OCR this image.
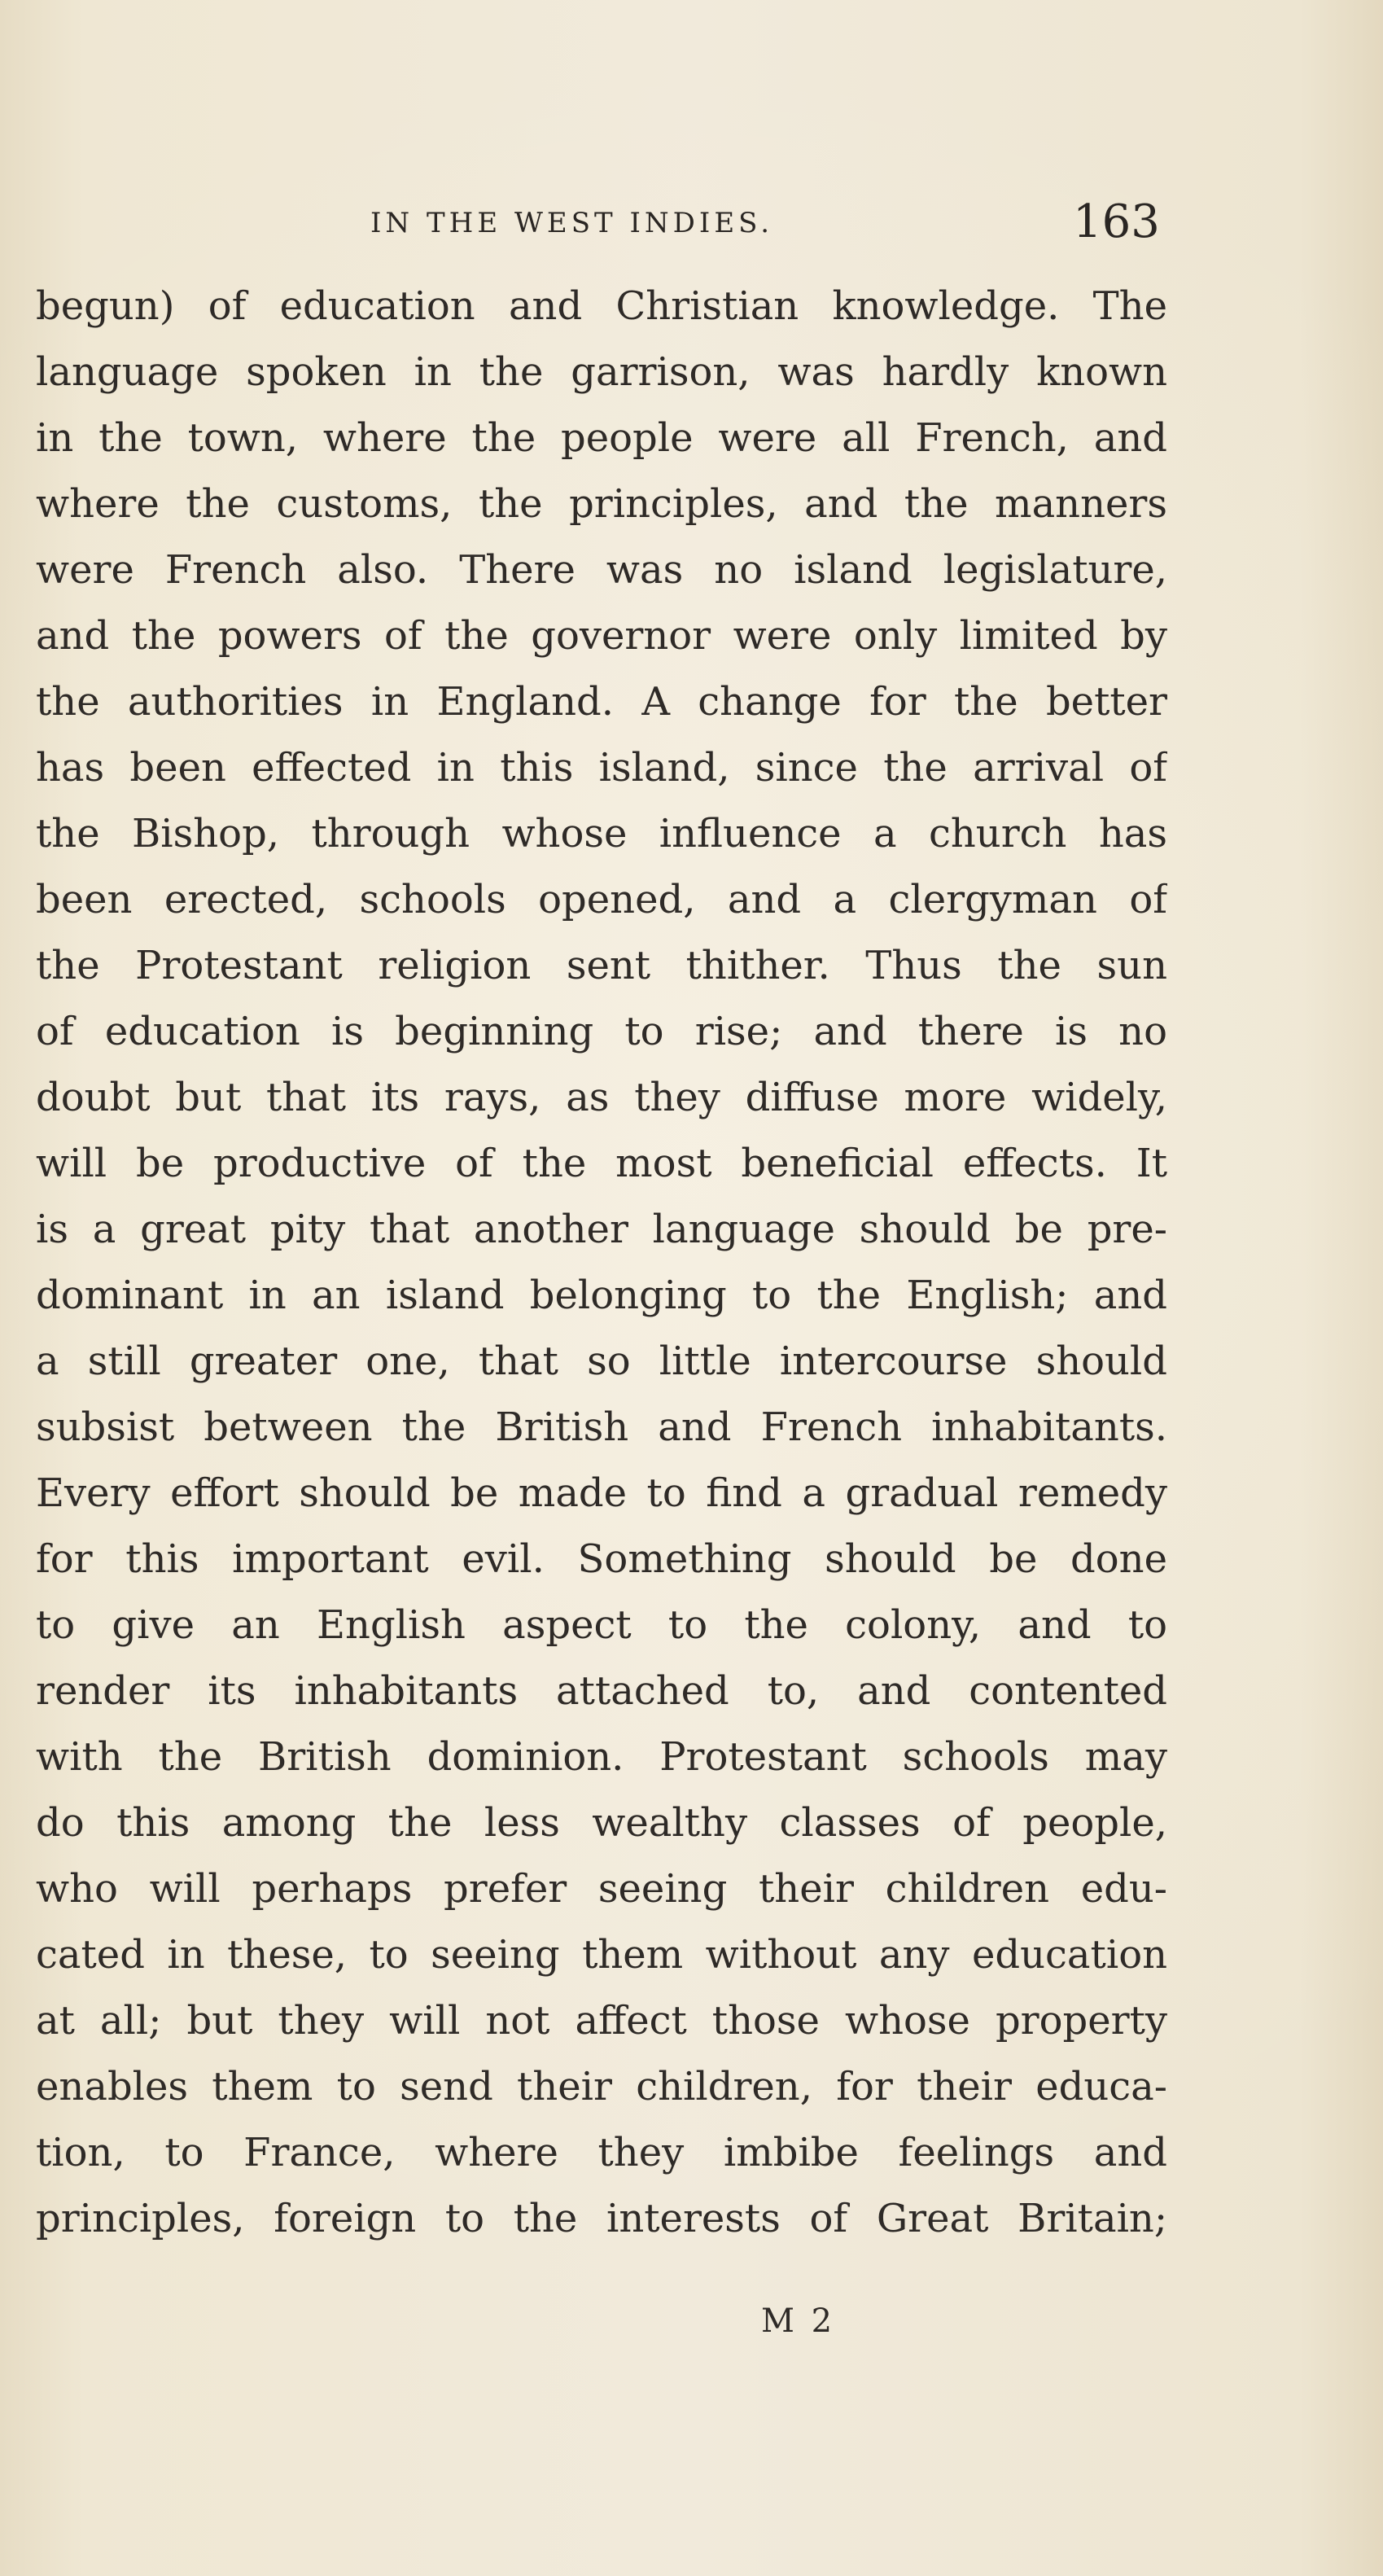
IN THE WEST INDIES.	163
begun) of education and Christian knowledge. The
language spoken in the garrison, was hardly known
in the town, where the people were all French, and
where the customs, the principles, and the manners
were French also. There was no island legislature,
and the powers of the governor were only limited by
the authorities in England. A change for the better
has been effected in this island, since the arrival of
the Bishop, through whose influence a church has
been erected, schools opened, and a clergyman of
the Protestant religion sent thither. Thus the sun
of education is beginning to rise; and there is no
doubt but that its rays, as they diffuse more widely,
will be productive of the most beneficial effects. It
is a great pity that another language should be pre-
dominant in an island belonging to the English; and
a still greater one, that so little intercourse should
subsist between the British and French inhabitants.
Every effort should be made to find a gradual remedy
for this important evil. Something should be done
to give an English aspect to the colony, and to
render its inhabitants attached to, and contented
with the British dominion. Protestant schools may
do this among the less wealthy classes of people,
who will perhaps prefer seeing their children edu-
cated in these, to seeing them without any education
at all; but they will not affect those whose property
enables them to send their children, for their educa-
tion, to France, where they imbibe feelings and
principles, foreign to the interests of Great Britain;
M 2
